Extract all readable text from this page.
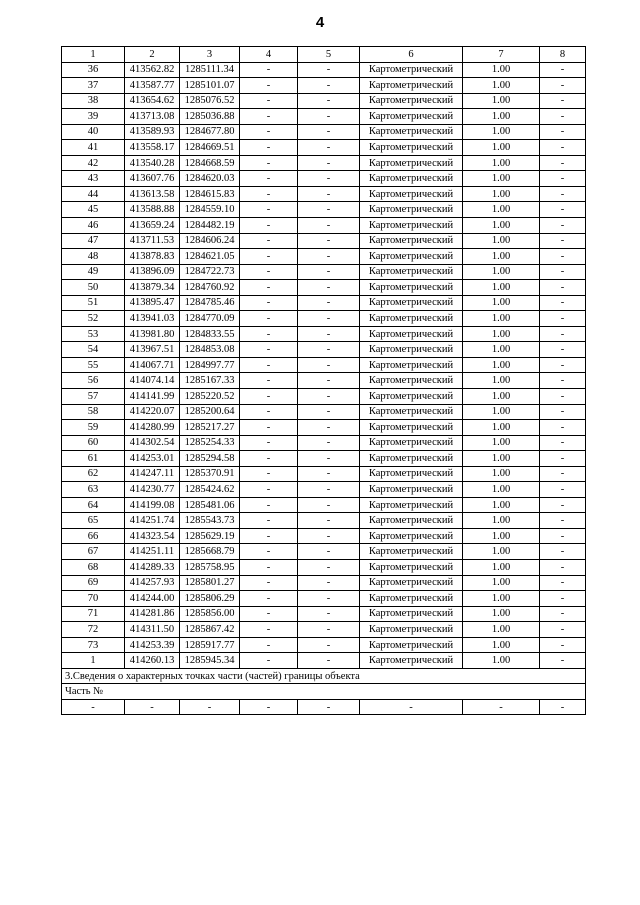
4
1	2	3	4	5	6	7	8
36	413562.82	1285111.34	-	-	Картометрический	1.00	-
37	413587.77	1285101.07	-	-	Картометрический	1.00	-
38	413654.62	1285076.52	-	-	Картометрический	1.00	-
39	413713.08	1285036.88	-	-	Картометрический	1.00	-
40	413589.93	1284677.80	-	-	Картометрический	1.00	-
41	413558.17	1284669.51	-	-	Картометрический	1.00	-
42	413540.28	1284668.59	-	-	Картометрический	1.00	-
43	413607.76	1284620.03	-	-	Картометрический	1.00	-
44	413613.58	1284615.83	-	-	Картометрический	1.00	-
45	413588.88	1284559.10	-	-	Картометрический	1.00	-
46	413659.24	1284482.19	-	-	Картометрический	1.00	-
47	413711.53	1284606.24	-	-	Картометрический	1.00	-
48	413878.83	1284621.05	-	-	Картометрический	1.00	-
49	413896.09	1284722.73	-	-	Картометрический	1.00	-
50	413879.34	1284760.92	-	-	Картометрический	1.00	-
51	413895.47	1284785.46	-	-	Картометрический	1.00	-
52	413941.03	1284770.09	-	-	Картометрический	1.00	-
53	413981.80	1284833.55	-	-	Картометрический	1.00	-
54	413967.51	1284853.08	-	-	Картометрический	1.00	-
55	414067.71	1284997.77	-	-	Картометрический	1.00	-
56	414074.14	1285167.33	-	-	Картометрический	1.00	-
57	414141.99	1285220.52	-	-	Картометрический	1.00	-
58	414220.07	1285200.64	-	-	Картометрический	1.00	-
59	414280.99	1285217.27	-	-	Картометрический	1.00	-
60	414302.54	1285254.33	-	-	Картометрический	1.00	-
61	414253.01	1285294.58	-	-	Картометрический	1.00	-
62	414247.11	1285370.91	-	-	Картометрический	1.00	-
63	414230.77	1285424.62	-	-	Картометрический	1.00	-
64	414199.08	1285481.06	-	-	Картометрический	1.00	-
65	414251.74	1285543.73	-	-	Картометрический	1.00	-
66	414323.54	1285629.19	-	-	Картометрический	1.00	-
67	414251.11	1285668.79	-	-	Картометрический	1.00	-
68	414289.33	1285758.95	-	-	Картометрический	1.00	-
69	414257.93	1285801.27	-	-	Картометрический	1.00	-
70	414244.00	1285806.29	-	-	Картометрический	1.00	-
71	414281.86	1285856.00	-	-	Картометрический	1.00	-
72	414311.50	1285867.42	-	-	Картометрический	1.00	-
73	414253.39	1285917.77	-	-	Картометрический	1.00	-
1	414260.13	1285945.34	-	-	Картометрический	1.00	-
3.Сведения о характерных точках части (частей) границы объекта							
Часть №							
-	-	-	-	-	-	-	-
